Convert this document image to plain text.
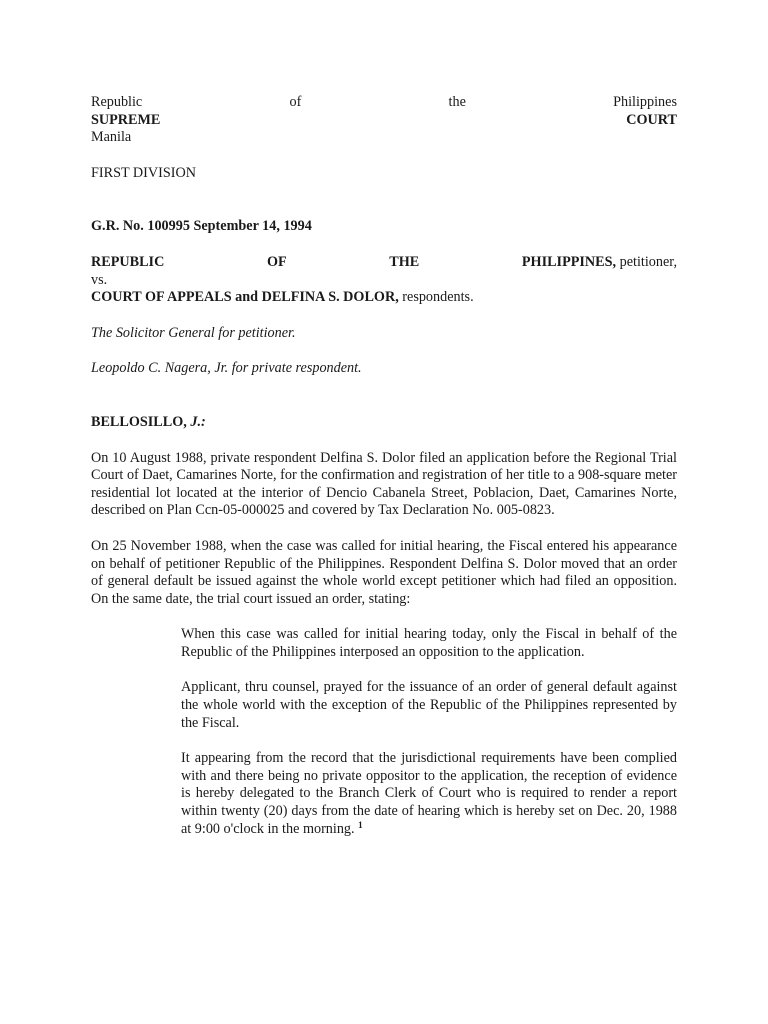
Republic	of	the	Philippines
SUPREME	COURT

Manila

FIRST DIVISION

G.R. No. 100995 September 14, 1994

REPUBLIC	OF	THE	PHILIPPINES, petitioner,

vs.

COURT OF APPEALS and DELFINA S. DOLOR, respondents.

The Solicitor General for petitioner.

Leopoldo C. Nagera, Jr. for private respondent.

BELLOSILLO, J.:

On 10 August 1988, private respondent Delfina S. Dolor filed an application before the Regional Trial Court of Daet, Camarines Norte, for the confirmation and registration of her title to a 908-square meter residential lot located at the interior of Dencio Cabanela Street, Poblacion, Daet, Camarines Norte, described on Plan Ccn-05-000025 and covered by Tax Declaration No. 005-0823.

On 25 November 1988, when the case was called for initial hearing, the Fiscal entered his appearance on behalf of petitioner Republic of the Philippines. Respondent Delfina S. Dolor moved that an order of general default be issued against the whole world except petitioner which had filed an opposition. On the same date, the trial court issued an order, stating:

When this case was called for initial hearing today, only the Fiscal in behalf of the Republic of the Philippines interposed an opposition to the application.

Applicant, thru counsel, prayed for the issuance of an order of general default against the whole world with the exception of the Republic of the Philippines represented by the Fiscal.

It appearing from the record that the jurisdictional requirements have been complied with and there being no private oppositor to the application, the reception of evidence is hereby delegated to the Branch Clerk of Court who is required to render a report within twenty (20) days from the date of hearing which is hereby set on Dec. 20, 1988 at 9:00 o'clock in the morning. $^1$
